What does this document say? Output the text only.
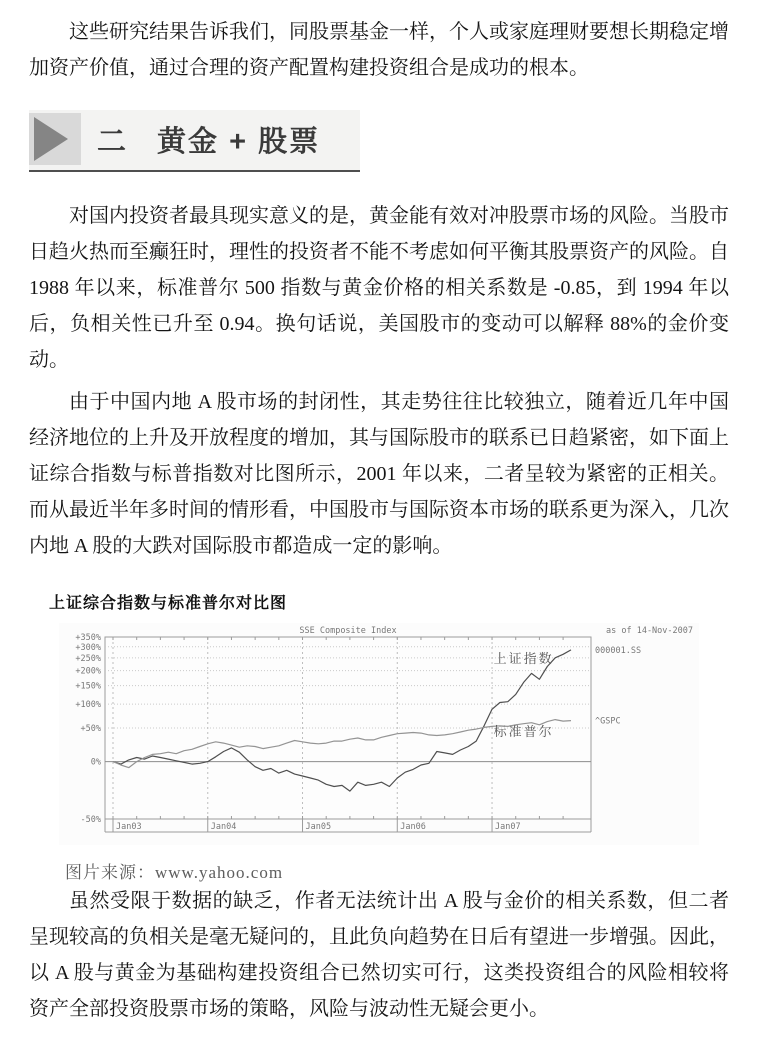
这些研究结果告诉我们，同股票基金一样，个人或家庭理财要想长期稳定增加资产价值，通过合理的资产配置构建投资组合是成功的根本。

二 黄金 + 股票

对国内投资者最具现实意义的是，黄金能有效对冲股票市场的风险。当股市日趋火热而至癫狂时，理性的投资者不能不考虑如何平衡其股票资产的风险。自 1988 年以来，标准普尔 500 指数与黄金价格的相关系数是 -0.85，到 1994 年以后，负相关性已升至 0.94。换句话说，美国股市的变动可以解释 88%的金价变动。

由于中国内地 A 股市场的封闭性，其走势往往比较独立，随着近几年中国经济地位的上升及开放程度的增加，其与国际股市的联系已日趋紧密，如下面上证综合指数与标普指数对比图所示，2001 年以来，二者呈较为紧密的正相关。而从最近半年多时间的情形看，中国股市与国际资本市场的联系更为深入，几次内地 A 股的大跌对国际股市都造成一定的影响。

上证综合指数与标准普尔对比图
+350%
+300%
+250%
+200%
+150%
+100%
+50%
0%
-50%
Jan03	Jan04	Jan05	Jan06	Jan07
000001.SS
上证指数
^GSPC
标准普尔
SSE Composite Index	as of 14-Nov-2007
图片来源：www.yahoo.com

虽然受限于数据的缺乏，作者无法统计出 A 股与金价的相关系数，但二者呈现较高的负相关是毫无疑问的，且此负向趋势在日后有望进一步增强。因此，以 A 股与黄金为基础构建投资组合已然切实可行，这类投资组合的风险相较将资产全部投资股票市场的策略，风险与波动性无疑会更小。
